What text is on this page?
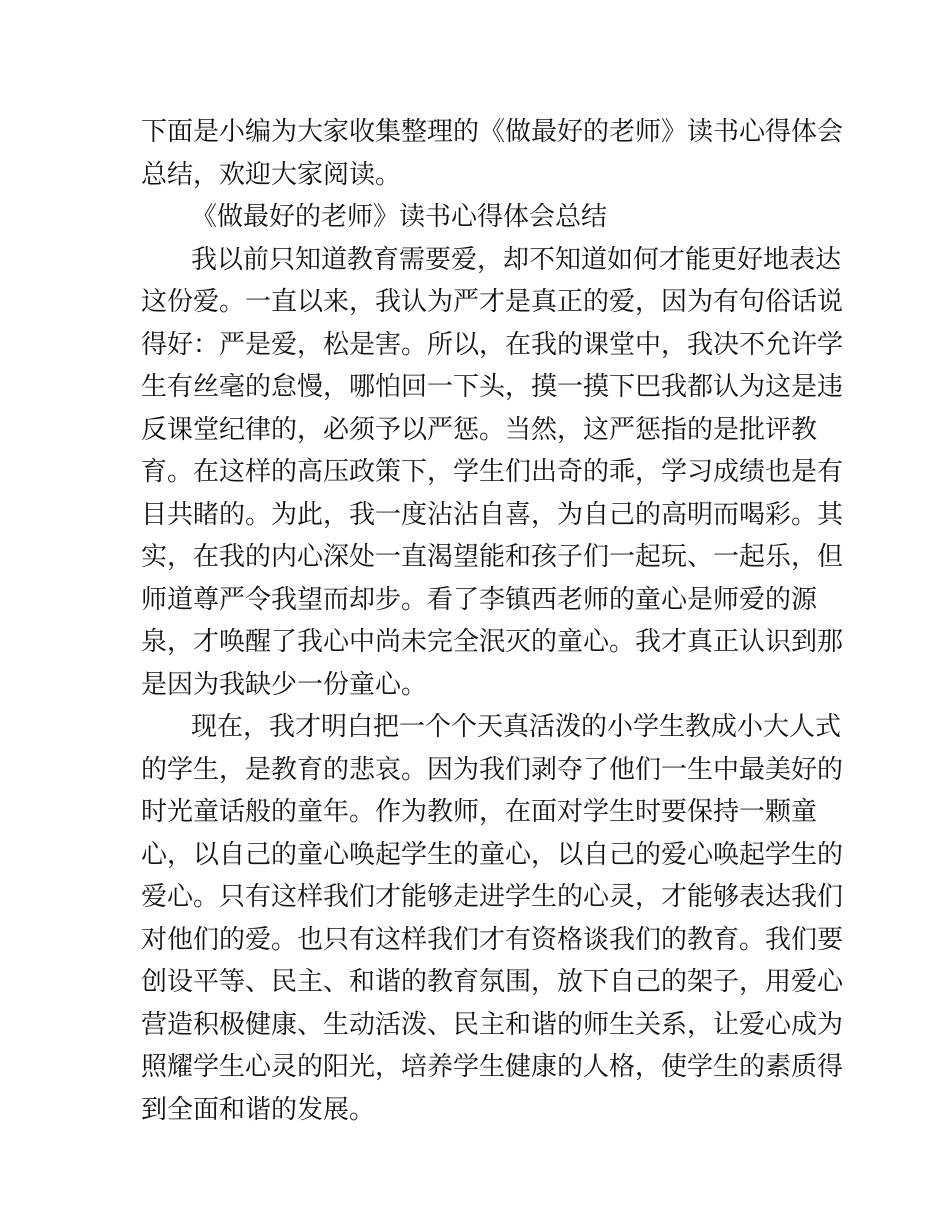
下面是小编为大家收集整理的《做最好的老师》读书心得体会
总结，欢迎大家阅读。
《做最好的老师》读书心得体会总结
我以前只知道教育需要爱，却不知道如何才能更好地表达
这份爱。一直以来，我认为严才是真正的爱，因为有句俗话说
得好：严是爱，松是害。所以，在我的课堂中，我决不允许学
生有丝毫的怠慢，哪怕回一下头，摸一摸下巴我都认为这是违
反课堂纪律的，必须予以严惩。当然，这严惩指的是批评教
育。在这样的高压政策下，学生们出奇的乖，学习成绩也是有
目共睹的。为此，我一度沾沾自喜，为自己的高明而喝彩。其
实，在我的内心深处一直渴望能和孩子们一起玩、一起乐，但
师道尊严令我望而却步。看了李镇西老师的童心是师爱的源
泉，才唤醒了我心中尚未完全泯灭的童心。我才真正认识到那
是因为我缺少一份童心。
现在，我才明白把一个个天真活泼的小学生教成小大人式
的学生，是教育的悲哀。因为我们剥夺了他们一生中最美好的
时光童话般的童年。作为教师，在面对学生时要保持一颗童
心，以自己的童心唤起学生的童心，以自己的爱心唤起学生的
爱心。只有这样我们才能够走进学生的心灵，才能够表达我们
对他们的爱。也只有这样我们才有资格谈我们的教育。我们要
创设平等、民主、和谐的教育氛围，放下自己的架子，用爱心
营造积极健康、生动活泼、民主和谐的师生关系，让爱心成为
照耀学生心灵的阳光，培养学生健康的人格，使学生的素质得
到全面和谐的发展。
